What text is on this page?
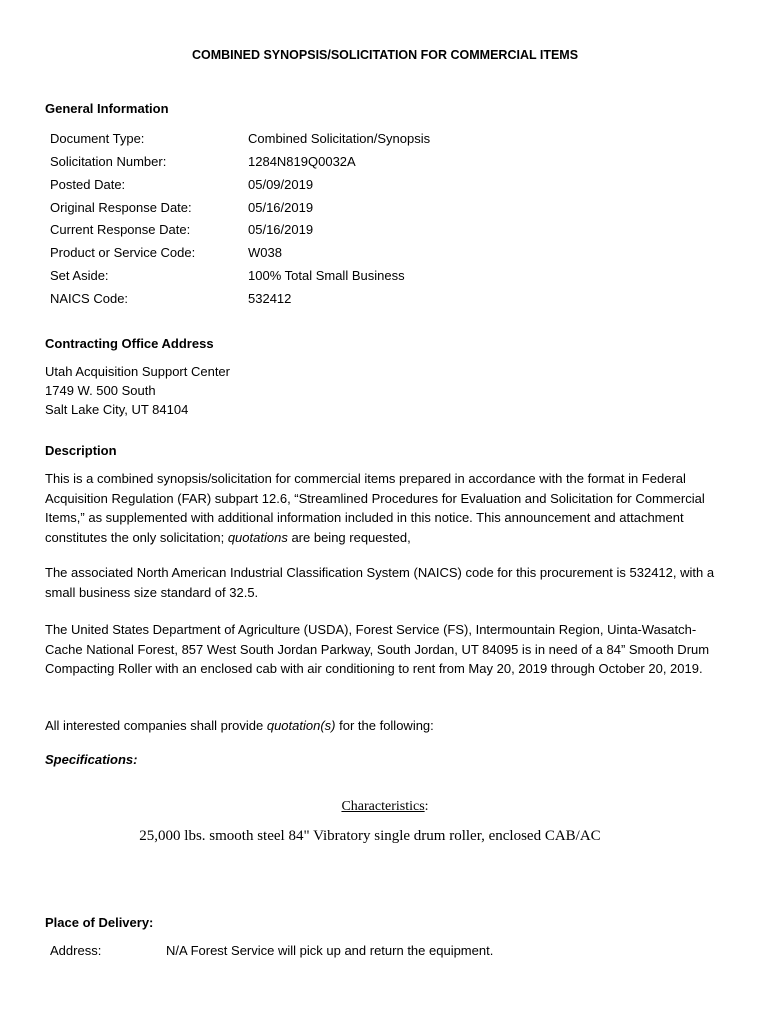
COMBINED SYNOPSIS/SOLICITATION FOR COMMERCIAL ITEMS
General Information
Document Type:	Combined Solicitation/Synopsis
Solicitation Number:	1284N819Q0032A
Posted Date:	05/09/2019
Original Response Date:	05/16/2019
Current Response Date:	05/16/2019
Product or Service Code:	W038
Set Aside:	100% Total Small Business
NAICS Code:	532412
Contracting Office Address
Utah Acquisition Support Center
1749 W. 500 South
Salt Lake City, UT 84104
Description

This is a combined synopsis/solicitation for commercial items prepared in accordance with the format in Federal Acquisition Regulation (FAR) subpart 12.6, “Streamlined Procedures for Evaluation and Solicitation for Commercial Items,” as supplemented with additional information included in this notice. This announcement and attachment constitutes the only solicitation; quotations are being requested,

The associated North American Industrial Classification System (NAICS) code for this procurement is 532412, with a small business size standard of 32.5.

The United States Department of Agriculture (USDA), Forest Service (FS), Intermountain Region, Uinta-Wasatch-Cache National Forest, 857 West South Jordan Parkway, South Jordan, UT 84095 is in need of a 84” Smooth Drum Compacting Roller with an enclosed cab with air conditioning to rent from May 20, 2019 through October 20, 2019.

All interested companies shall provide quotation(s) for the following:

Specifications:
Characteristics:
25,000 lbs. smooth steel 84" Vibratory single drum roller, enclosed CAB/AC
Place of Delivery:
Address:	N/A Forest Service will pick up and return the equipment.
